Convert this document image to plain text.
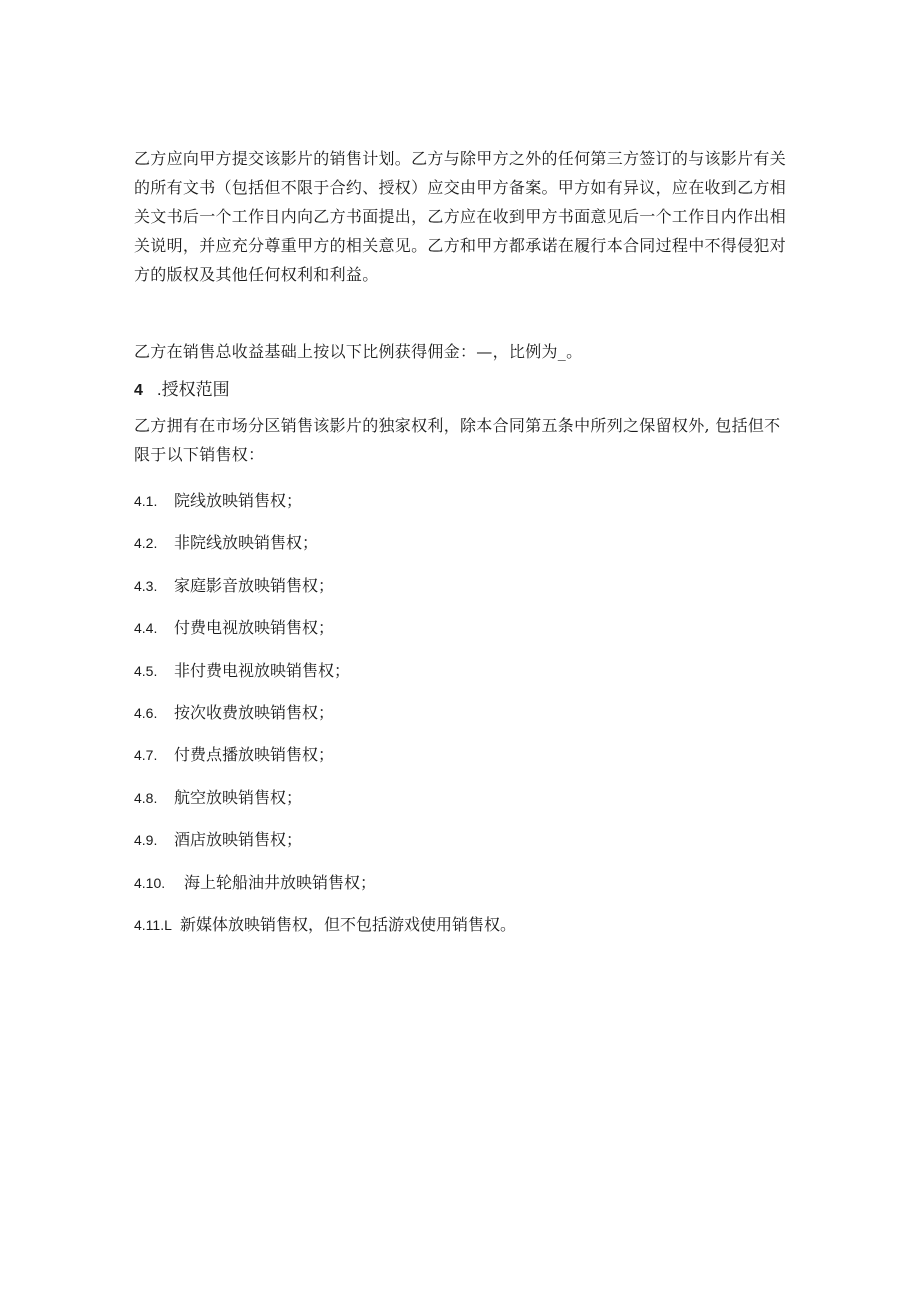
乙方应向甲方提交该影片的销售计划。乙方与除甲方之外的任何第三方签订的与该影片有关的所有文书（包括但不限于合约、授权）应交由甲方备案。甲方如有异议，应在收到乙方相关文书后一个工作日内向乙方书面提出，乙方应在收到甲方书面意见后一个工作日内作出相关说明，并应充分尊重甲方的相关意见。乙方和甲方都承诺在履行本合同过程中不得侵犯对方的版权及其他任何权利和利益。

乙方在销售总收益基础上按以下比例获得佣金：—，比例为_。

4 .授权范围

乙方拥有在市场分区销售该影片的独家权利，除本合同第五条中所列之保留权外, 包括但不限于以下销售权：

4.1. 院线放映销售权；
4.2. 非院线放映销售权；
4.3. 家庭影音放映销售权；
4.4. 付费电视放映销售权；
4.5. 非付费电视放映销售权；
4.6. 按次收费放映销售权；
4.7. 付费点播放映销售权；
4.8. 航空放映销售权；
4.9. 酒店放映销售权；
4.10. 海上轮船油井放映销售权；
4.11.L 新媒体放映销售权，但不包括游戏使用销售权。
